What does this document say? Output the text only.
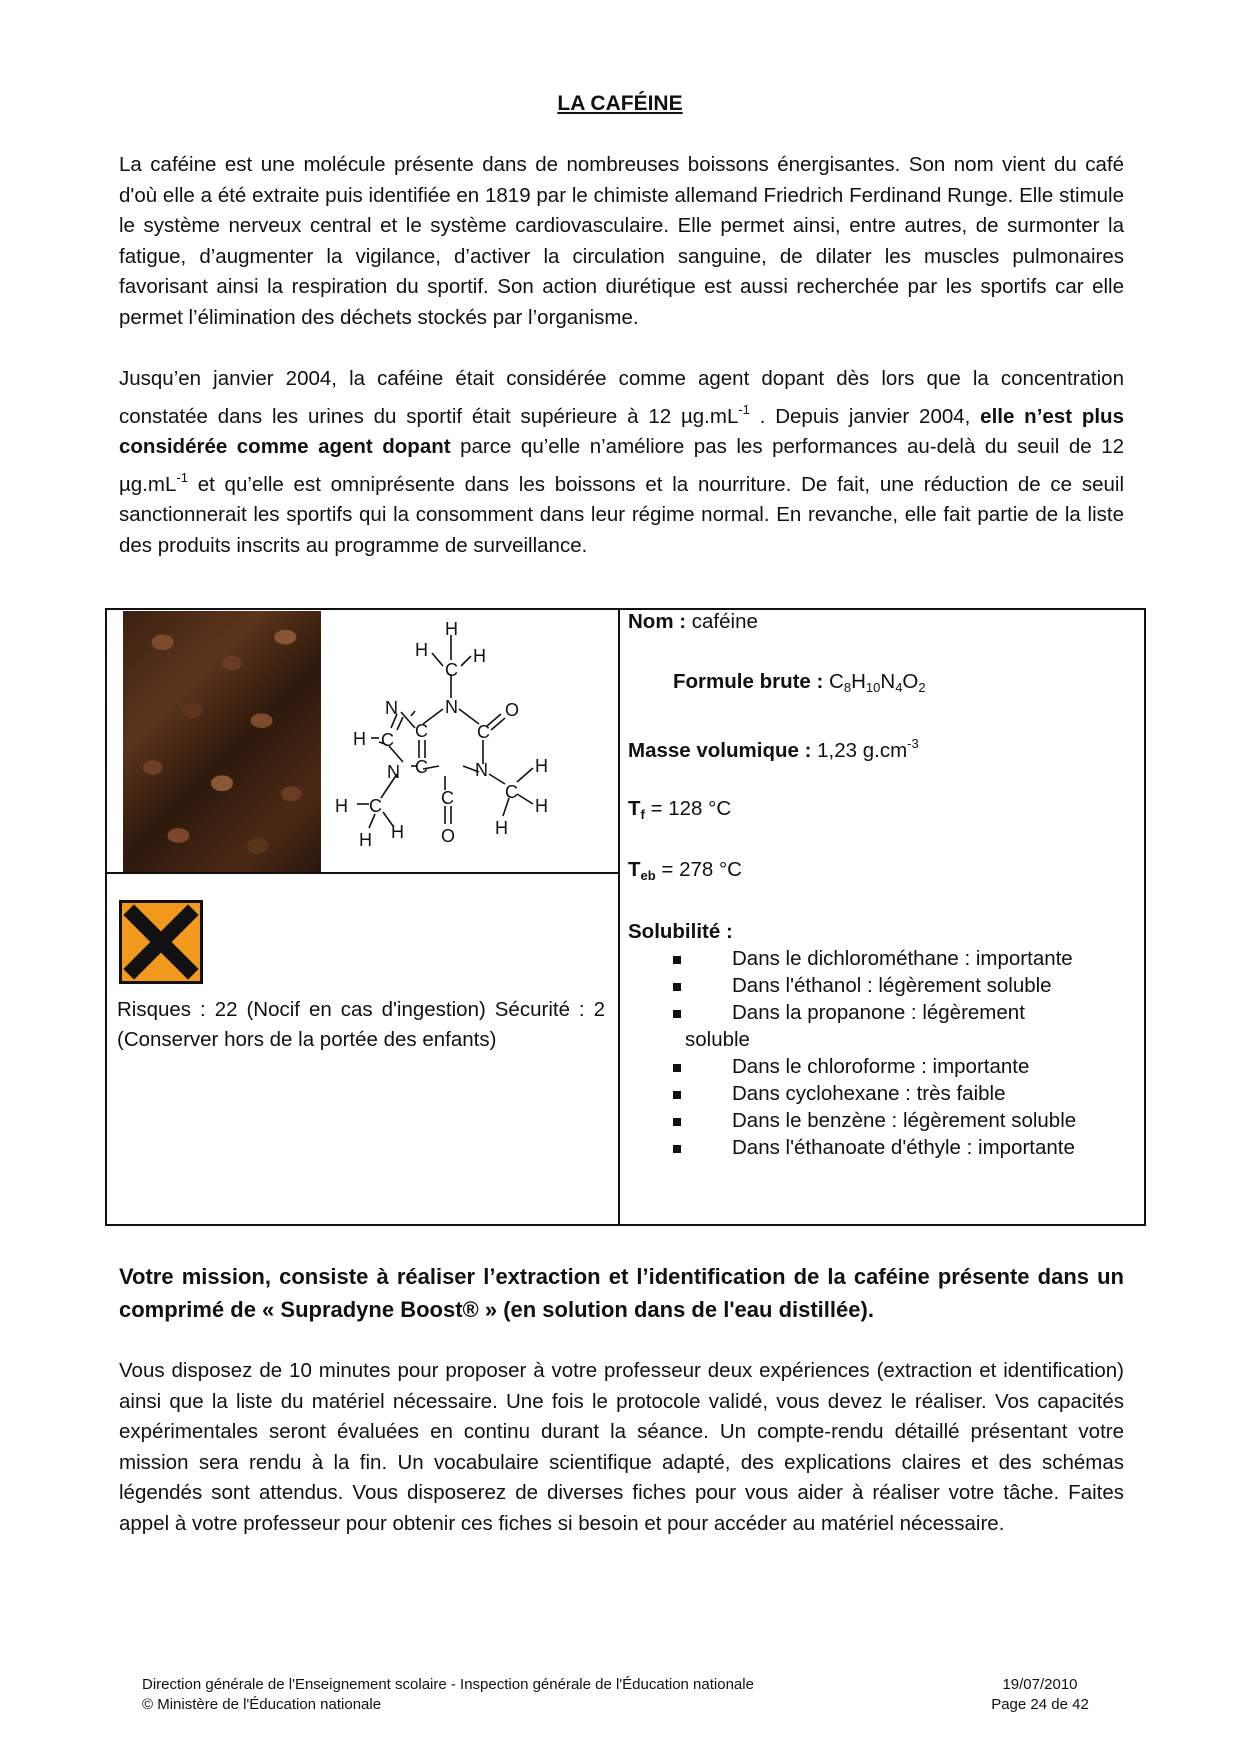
LA CAFÉINE

La caféine est une molécule présente dans de nombreuses boissons énergisantes. Son nom vient du café d'où elle a été extraite puis identifiée en 1819 par le chimiste allemand Friedrich Ferdinand Runge. Elle stimule le système nerveux central et le système cardiovasculaire. Elle permet ainsi, entre autres, de surmonter la fatigue, d’augmenter la vigilance, d’activer la circulation sanguine, de dilater les muscles pulmonaires favorisant ainsi la respiration du sportif. Son action diurétique est aussi recherchée par les sportifs car elle permet l’élimination des déchets stockés par l’organisme.

Jusqu’en janvier 2004, la caféine était considérée comme agent dopant dès lors que la concentration constatée dans les urines du sportif était supérieure à 12 $\mu g.mL^{-1}$ . Depuis janvier 2004, elle n’est plus considérée comme agent dopant parce qu’elle n’améliore pas les performances au-delà du seuil de 12 $\mu g.mL^{-1}$ et qu’elle est omniprésente dans les boissons et la nourriture. De fait, une réduction de ce seuil sanctionnerait les sportifs qui la consomment dans leur régime normal. En revanche, elle fait partie de la liste des produits inscrits au programme de surveillance.

H
H
C
H
N	O
N
C	C
H C
C	N	H
N
C	C
H
H C
O H
H H

Risques : 22 (Nocif en cas d'ingestion) Sécurité : 2 (Conserver hors de la portée des enfants)

Nom : caféine
Formule brute : $C_8H_{10}N_4O_2$
Masse volumique : 1,23 $g.cm^{-3}$
$T_f = 128$ °C
$T_{eb} = 278$ °C
Solubilité :
Dans le dichlorométhane : importante
Dans l'éthanol : légèrement soluble
Dans la propanone : légèrement
soluble
Dans le chloroforme : importante
Dans cyclohexane : très faible
Dans le benzène : légèrement soluble
Dans l'éthanoate d'éthyle : importante

Votre mission, consiste à réaliser l’extraction et l’identification de la caféine présente dans un comprimé de « Supradyne Boost® » (en solution dans de l'eau distillée).

Vous disposez de 10 minutes pour proposer à votre professeur deux expériences (extraction et identification) ainsi que la liste du matériel nécessaire. Une fois le protocole validé, vous devez le réaliser. Vos capacités expérimentales seront évaluées en continu durant la séance. Un compte-rendu détaillé présentant votre mission sera rendu à la fin. Un vocabulaire scientifique adapté, des explications claires et des schémas légendés sont attendus. Vous disposerez de diverses fiches pour vous aider à réaliser votre tâche. Faites appel à votre professeur pour obtenir ces fiches si besoin et pour accéder au matériel nécessaire.

Direction générale de l'Enseignement scolaire - Inspection générale de l'Éducation nationale
© Ministère de l'Éducation nationale
19/07/2010
Page 24 de 42
